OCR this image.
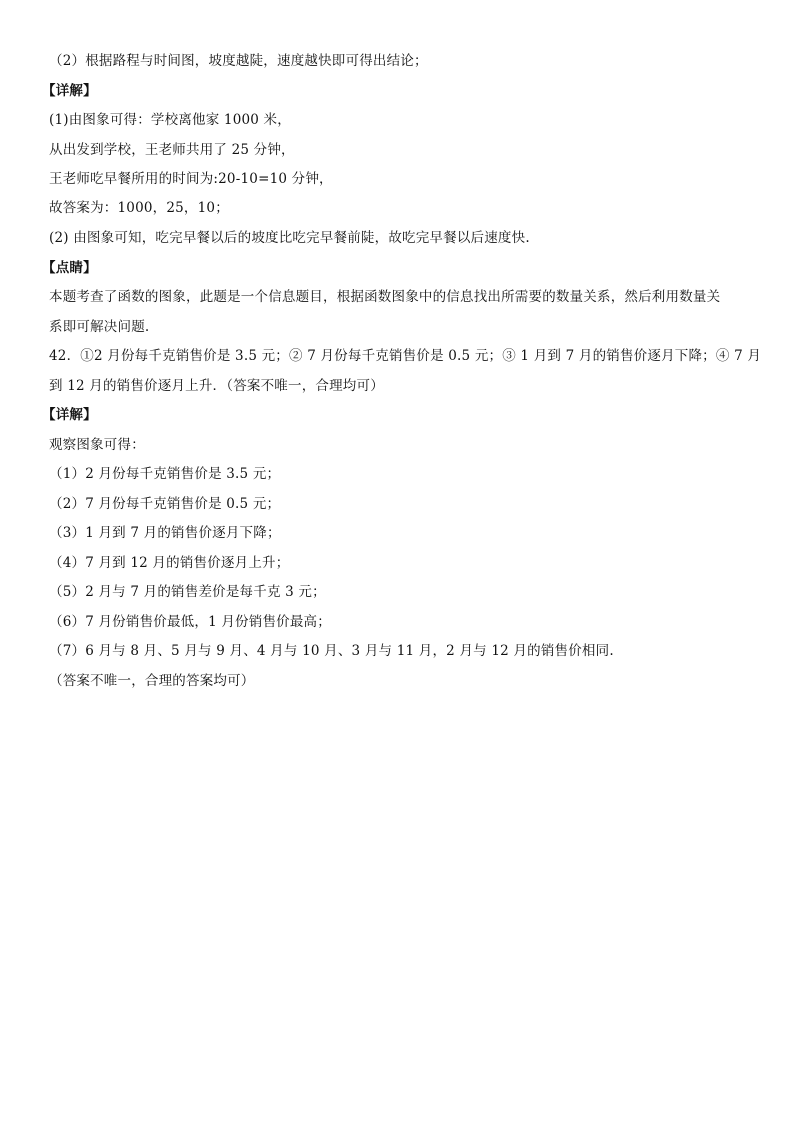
（2）根据路程与时间图，坡度越陡，速度越快即可得出结论；
【详解】
(1)由图象可得：学校离他家 1000 米，
从出发到学校，王老师共用了 25 分钟，
王老师吃早餐所用的时间为:20-10=10 分钟，
故答案为：1000，25，10；
(2) 由图象可知，吃完早餐以后的坡度比吃完早餐前陡，故吃完早餐以后速度快.
【点睛】
本题考查了函数的图象，此题是一个信息题目，根据函数图象中的信息找出所需要的数量关系，然后利用数量关
系即可解决问题.
42．①2 月份每千克销售价是 3.5 元；② 7 月份每千克销售价是 0.5 元；③ 1 月到 7 月的销售价逐月下降；④ 7 月
到 12 月的销售价逐月上升．（答案不唯一，合理均可）
【详解】
观察图象可得：
（1）2 月份每千克销售价是 3.5 元；
（2）7 月份每千克销售价是 0.5 元；
（3）1 月到 7 月的销售价逐月下降；
（4）7 月到 12 月的销售价逐月上升；
（5）2 月与 7 月的销售差价是每千克 3 元；
（6）7 月份销售价最低，1 月份销售价最高；
（7）6 月与 8 月、5 月与 9 月、4 月与 10 月、3 月与 11 月，2 月与 12 月的销售价相同.
（答案不唯一，合理的答案均可）
